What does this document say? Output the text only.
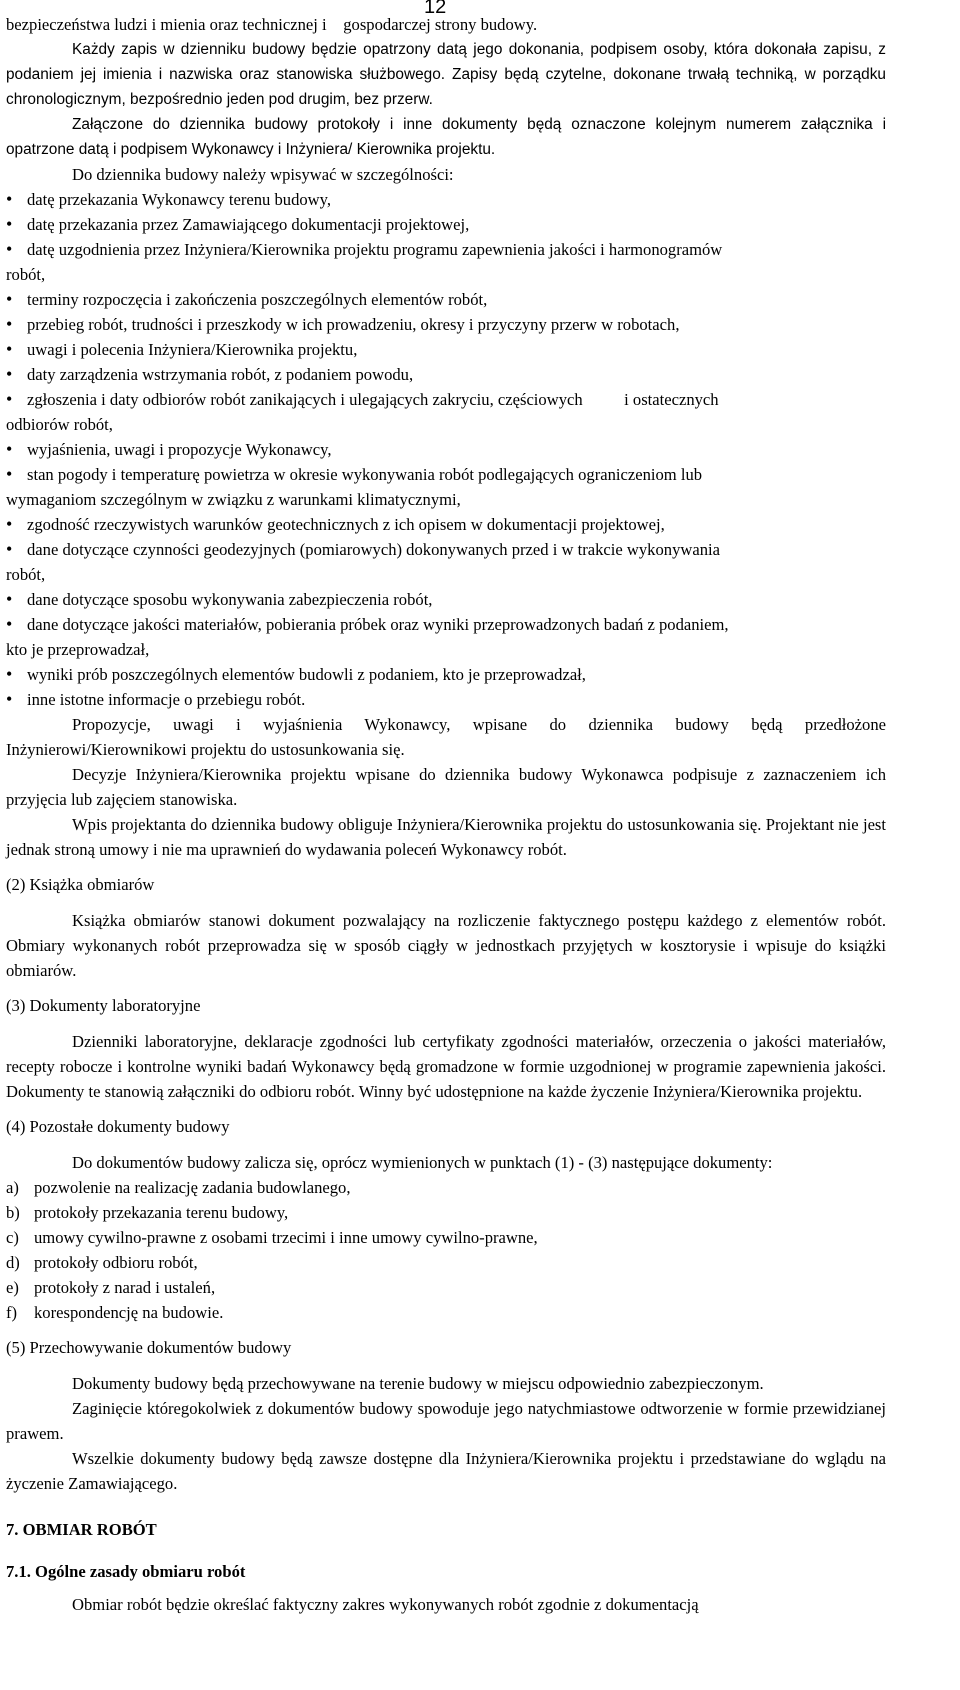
12

bezpieczeństwa ludzi i mienia oraz technicznej i    gospodarczej strony budowy.

Każdy zapis w dzienniku budowy będzie opatrzony datą jego dokonania, podpisem osoby, która dokonała zapisu, z podaniem jej imienia i nazwiska oraz stanowiska służbowego. Zapisy będą czytelne, dokonane trwałą techniką, w porządku chronologicznym, bezpośrednio jeden pod drugim, bez przerw.

Załączone do dziennika budowy protokoły i inne dokumenty będą oznaczone kolejnym numerem załącznika i opatrzone datą i podpisem Wykonawcy i Inżyniera/ Kierownika projektu.

Do dziennika budowy należy wpisywać w szczególności:

• datę przekazania Wykonawcy terenu budowy,
• datę przekazania przez Zamawiającego dokumentacji projektowej,
• datę uzgodnienia przez Inżyniera/Kierownika projektu programu zapewnienia jakości i harmonogramów
robót,
• terminy rozpoczęcia i zakończenia poszczególnych elementów robót,
• przebieg robót, trudności i przeszkody w ich prowadzeniu, okresy i przyczyny przerw w robotach,
• uwagi i polecenia Inżyniera/Kierownika projektu,
• daty zarządzenia wstrzymania robót, z podaniem powodu,
• zgłoszenia i daty odbiorów robót zanikających i ulegających zakryciu, częściowych          i ostatecznych
odbiorów robót,
• wyjaśnienia, uwagi i propozycje Wykonawcy,
• stan pogody i temperaturę powietrza w okresie wykonywania robót podlegających ograniczeniom lub
wymaganiom szczególnym w związku z warunkami klimatycznymi,
• zgodność rzeczywistych warunków geotechnicznych z ich opisem w dokumentacji projektowej,
• dane dotyczące czynności geodezyjnych (pomiarowych) dokonywanych przed i w trakcie wykonywania
robót,
• dane dotyczące sposobu wykonywania zabezpieczenia robót,
• dane dotyczące jakości materiałów, pobierania próbek oraz wyniki przeprowadzonych badań z podaniem,
kto je przeprowadzał,
• wyniki prób poszczególnych elementów budowli z podaniem, kto je przeprowadzał,
• inne istotne informacje o przebiegu robót.

Propozycje, uwagi i wyjaśnienia Wykonawcy, wpisane do dziennika budowy będą przedłożone Inżynierowi/Kierownikowi projektu do ustosunkowania się.

Decyzje Inżyniera/Kierownika projektu wpisane do dziennika budowy Wykonawca podpisuje z zaznaczeniem ich przyjęcia lub zajęciem stanowiska.

Wpis projektanta do dziennika budowy obliguje Inżyniera/Kierownika projektu do ustosunkowania się. Projektant nie jest jednak stroną umowy i nie ma uprawnień do wydawania poleceń Wykonawcy robót.

(2) Książka obmiarów

Książka obmiarów stanowi dokument pozwalający na rozliczenie faktycznego postępu każdego z elementów robót. Obmiary wykonanych robót przeprowadza się w sposób ciągły w jednostkach przyjętych w kosztorysie i wpisuje do książki obmiarów.

(3) Dokumenty laboratoryjne

Dzienniki laboratoryjne, deklaracje zgodności lub certyfikaty zgodności materiałów, orzeczenia o jakości materiałów, recepty robocze i kontrolne wyniki badań Wykonawcy będą gromadzone w formie uzgodnionej w programie zapewnienia jakości. Dokumenty te stanowią załączniki do odbioru robót. Winny być udostępnione na każde życzenie Inżyniera/Kierownika projektu.

(4) Pozostałe dokumenty budowy

Do dokumentów budowy zalicza się, oprócz wymienionych w punktach (1) - (3) następujące dokumenty:

a) pozwolenie na realizację zadania budowlanego,
b) protokoły przekazania terenu budowy,
c) umowy cywilno-prawne z osobami trzecimi i inne umowy cywilno-prawne,
d) protokoły odbioru robót,
e) protokoły z narad i ustaleń,
f) korespondencję na budowie.

(5) Przechowywanie dokumentów budowy

Dokumenty budowy będą przechowywane na terenie budowy w miejscu odpowiednio zabezpieczonym.

Zaginięcie któregokolwiek z dokumentów budowy spowoduje jego natychmiastowe odtworzenie w formie przewidzianej prawem.

Wszelkie dokumenty budowy będą zawsze dostępne dla Inżyniera/Kierownika projektu i przedstawiane do wglądu na życzenie Zamawiającego.

7. OBMIAR ROBÓT

7.1. Ogólne zasady obmiaru robót

Obmiar robót będzie określać faktyczny zakres wykonywanych robót zgodnie z dokumentacją
